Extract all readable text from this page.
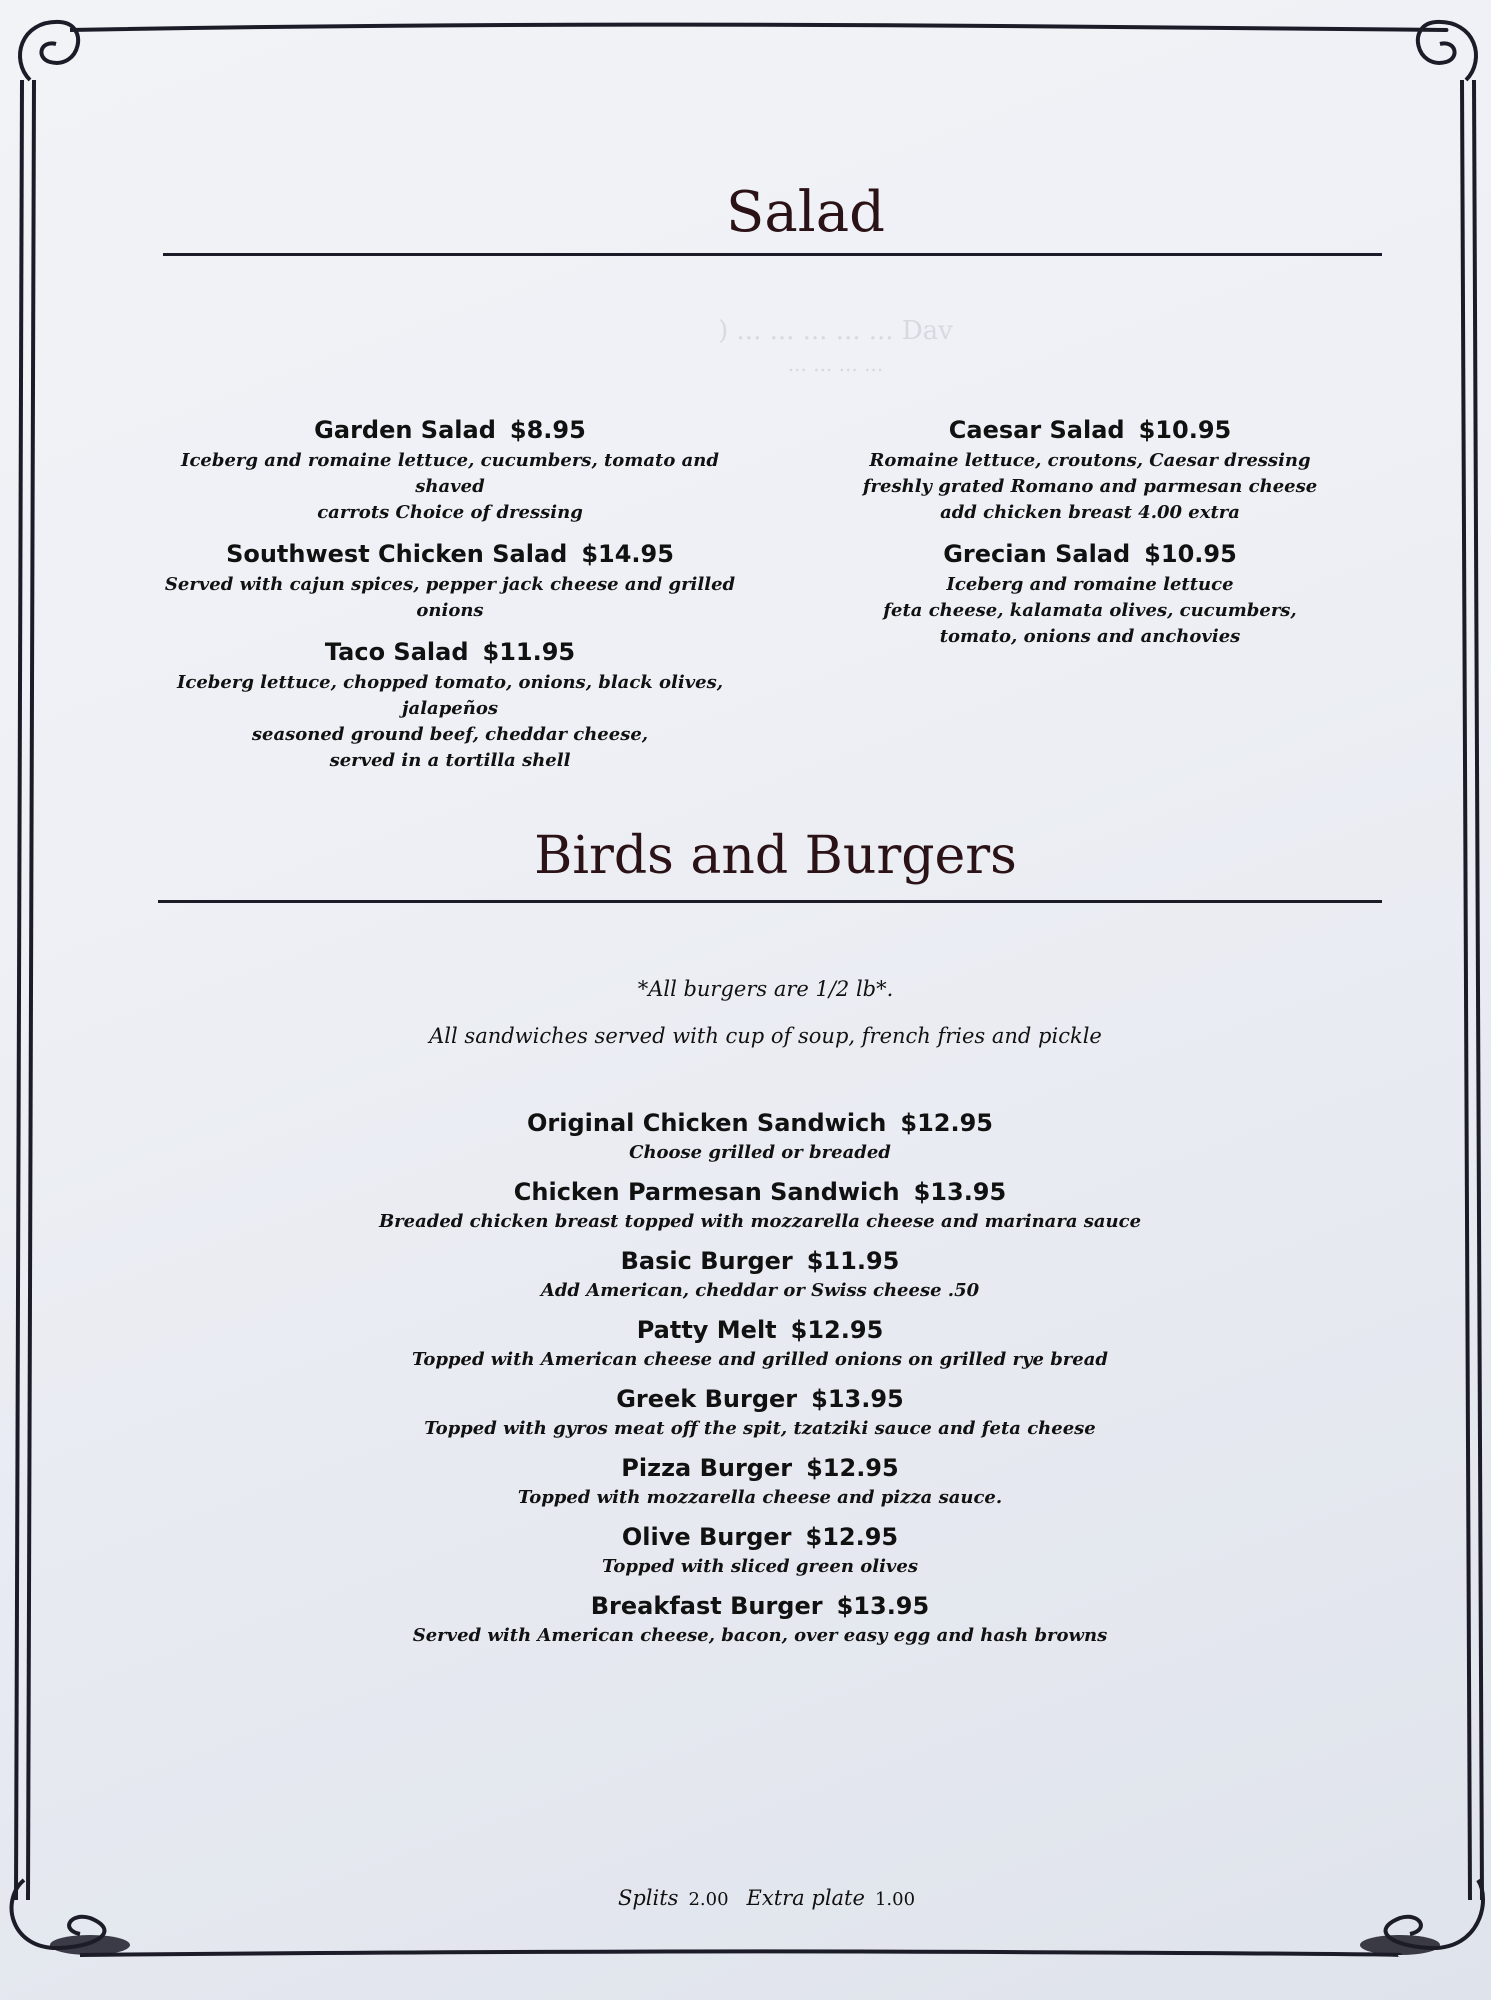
Salad
) ... ... ... ... ... Dav
... ... ... ...
Garden Salad $8.95
Iceberg and romaine lettuce, cucumbers, tomato and shaved
carrots Choice of dressing
Southwest Chicken Salad $14.95
Served with cajun spices, pepper jack cheese and grilled onions
Taco Salad $11.95
Iceberg lettuce, chopped tomato, onions, black olives, jalapeños
seasoned ground beef, cheddar cheese,
served in a tortilla shell
Caesar Salad $10.95
Romaine lettuce, croutons, Caesar dressing
freshly grated Romano and parmesan cheese
add chicken breast 4.00 extra
Grecian Salad $10.95
Iceberg and romaine lettuce
feta cheese, kalamata olives, cucumbers,
tomato, onions and anchovies
Birds and Burgers
*All burgers are 1/2 lb*.
All sandwiches served with cup of soup, french fries and pickle
Original Chicken Sandwich $12.95
Choose grilled or breaded
Chicken Parmesan Sandwich $13.95
Breaded chicken breast topped with mozzarella cheese and marinara sauce
Basic Burger $11.95
Add American, cheddar or Swiss cheese .50
Patty Melt $12.95
Topped with American cheese and grilled onions on grilled rye bread
Greek Burger $13.95
Topped with gyros meat off the spit, tzatziki sauce and feta cheese
Pizza Burger $12.95
Topped with mozzarella cheese and pizza sauce.
Olive Burger $12.95
Topped with sliced green olives
Breakfast Burger $13.95
Served with American cheese, bacon, over easy egg and hash browns
Splits 2.00 Extra plate 1.00
